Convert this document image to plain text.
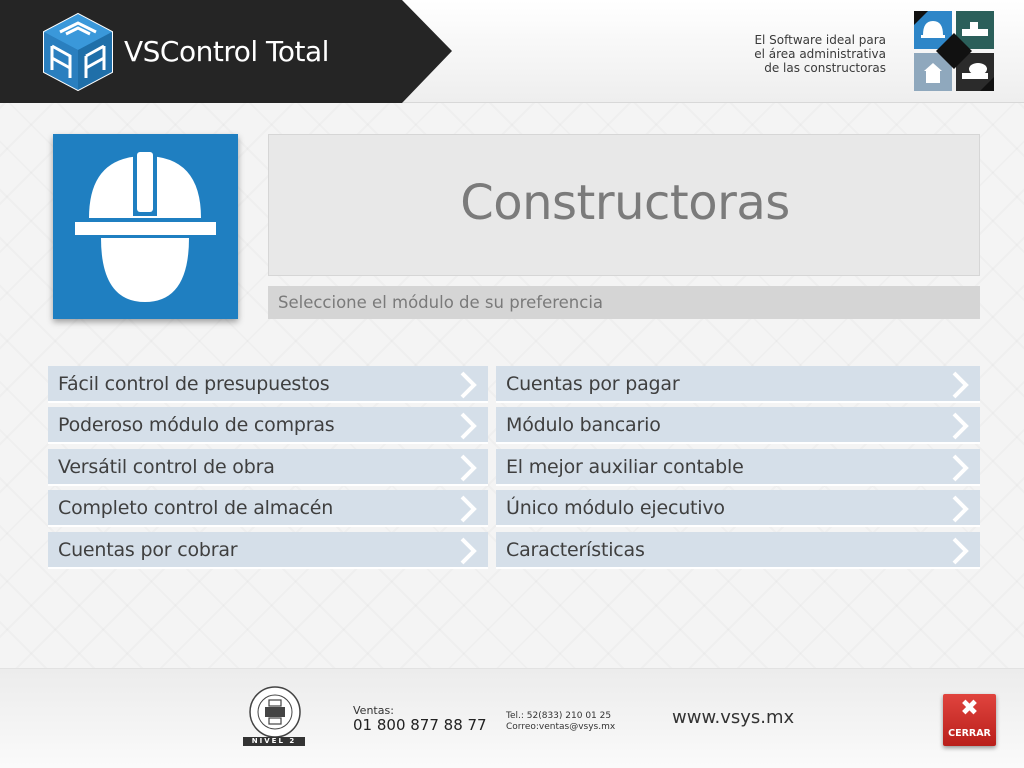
VSControl Total	El Software ideal para
el área administrativa
de las constructoras
Constructoras
Seleccione el módulo de su preferencia
Fácil control de presupuestos
Poderoso módulo de compras
Versátil control de obra
Completo control de almacén
Cuentas por cobrar
Cuentas por pagar
Módulo bancario
El mejor auxiliar contable
Único módulo ejecutivo
Características
NIVEL 2
Ventas:
01 800 877 88 77 Tel.: 52(833) 210 01 25
Correo:ventas@vsys.mx	www.vsys.mx	✖
CERRAR
